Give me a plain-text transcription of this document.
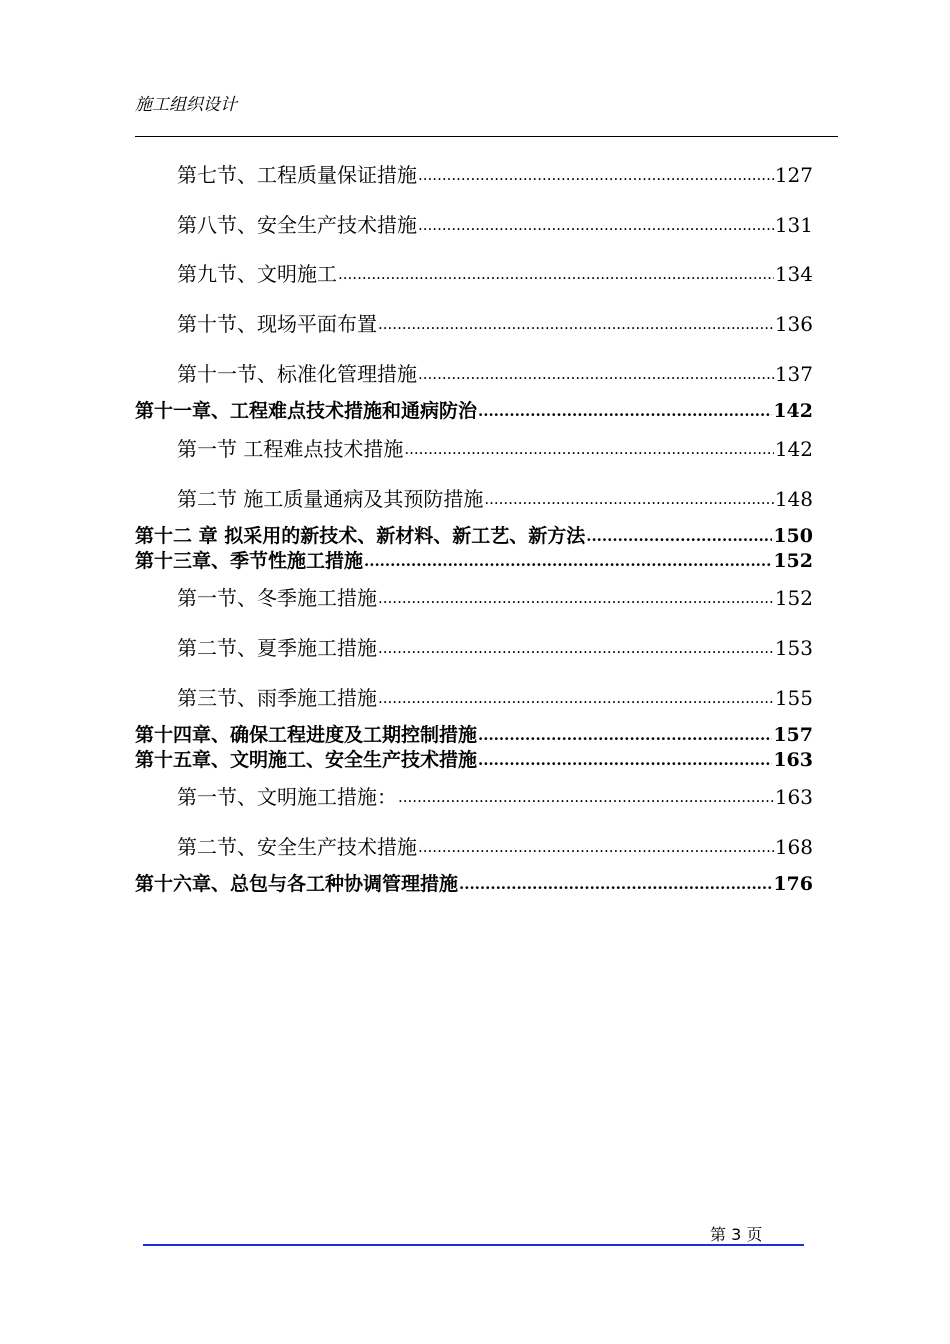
施工组织设计
第七节、工程质量保证措施 .....	127
第八节、安全生产技术措施 .....	131
第九节、文明施工 .....	134
第十节、现场平面布置 .....	136
第十一节、标准化管理措施 .....	137
第十一章、工程难点技术措施和通病防治 .....	142
第一节 工程难点技术措施 .....	142
第二节 施工质量通病及其预防措施 .....	148
第十二 章 拟采用的新技术、新材料、新工艺、新方法 .....	150
第十三章、季节性施工措施 .....	152
第一节、冬季施工措施 .....	152
第二节、夏季施工措施 .....	153
第三节、雨季施工措施 .....	155
第十四章、确保工程进度及工期控制措施 .....	157
第十五章、文明施工、安全生产技术措施 .....	163
第一节、文明施工措施： .....	163
第二节、安全生产技术措施 .....	168
第十六章、总包与各工种协调管理措施 .....	176
第 3 页
